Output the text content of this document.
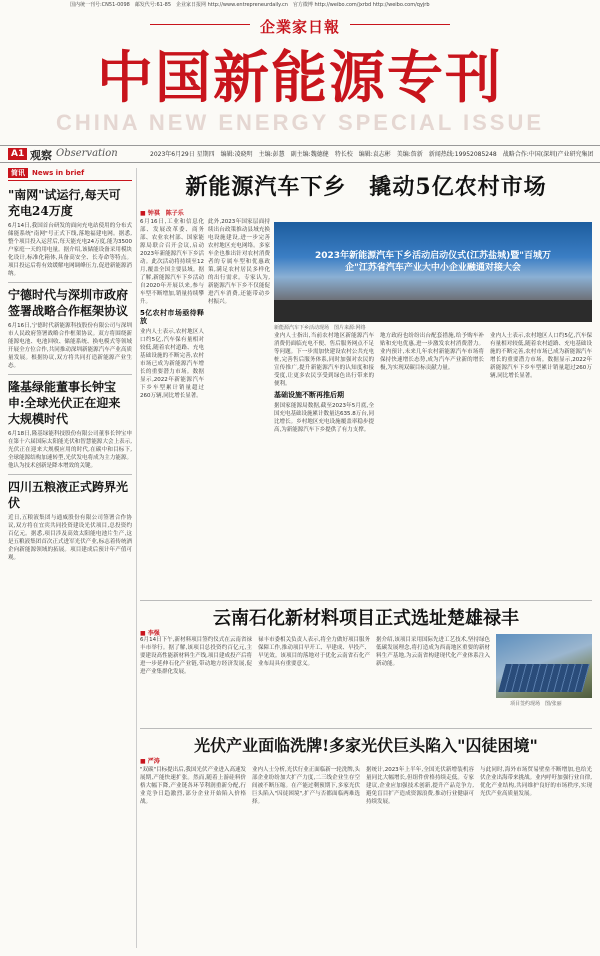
国内统一刊号:CN51-0098　邮发代号:61-85　企业家日报网 http://www.entrepreneurdaily.cn　官方微博 http://weibo.com/jxrbd http://weibo.com/qyjrb
企業家日報
中国新能源专刊
CHINA NEW ENERGY SPECIAL ISSUE
A1 观察 Observation	2023年6月29日 星期四　编辑:凌晓明　主编:彭慧　副主编:魏德健　特长校　编辑:袁志彬　美编:詹新　新闻热线:19952085248　战略合作:中国(深圳)产业研究集团
简讯	News in brief
"南网"试运行,每天可充电24万度
6月14日,我国首台研发的面向充电站使用的分布式储能系统"南网"号正式下线,落地福建电网。据悉,整个项目投入运营后,每天能充电24万度,能为3500户家庭一天的用电量。据介绍,该储能设备采用模块化设计,标准化箱体,具备高安全、长寿命等特点。项目投运后将有效缓解电网调峰压力,促进新能源消纳。
宁德时代与深圳市政府签署战略合作框架协议
6月16日,宁德时代新能源科技股份有限公司与深圳市人民政府签署战略合作框架协议。双方将围绕新能源电池、电池回收、储能系统、换电模式等领域开展全方位合作,共同推动深圳新能源汽车产业高质量发展。根据协议,双方将共同打造新能源产业生态。
隆基绿能董事长钟宝申:全球光伏正在迎来大规模时代
6月18日,隆基绿能科技股份有限公司董事长钟宝申在第十六届国际太阳能光伏和智慧能源大会上表示,光伏正在迎来大规模应用的时代,在碳中和目标下,全球能源结构加速转型,光伏发电将成为主力能源。他认为技术创新是降本增效的关键。
四川五粮液正式跨界光伏
近日,五粮液集团与通威股份有限公司签署合作协议,双方将在宜宾共同投资建设光伏项目,总投资约百亿元。据悉,项目涉及高效太阳能电池片生产,这是五粮液集团首次正式进军光伏产业,标志着传统酒企向新能源领域的拓展。项目建成后预计年产值可观。
新能源汽车下乡　撬动5亿农村市场
■ 钟祺　陈子乐
6月16日,工业和信息化部、发展改革委、商务部、农业农村部、国家能源局联合召开会议,启动2023年新能源汽车下乡活动。此次活动将持续至12月,覆盖全国主要县域。据了解,新能源汽车下乡活动自2020年开展以来,参与车型不断增加,销量持续攀升。
5亿农村市场亟待释放
业内人士表示,农村地区人口约5亿,汽车保有量相对较低,随着农村道路、充电基础设施的不断完善,农村市场已成为新能源汽车增长的重要潜力市场。数据显示,2022年新能源汽车下乡车型累计销量超过260万辆,同比增长显著。
此外,2023年国家层面持续出台政策推动县域充换电设施建设,进一步完善农村地区充电网络。多家车企也推出针对农村消费者的专属车型和优惠政策,满足农村居民多样化的出行需求。专家认为,新能源汽车下乡不仅能促进汽车消费,还能带动乡村振兴。
2023年新能源汽车下乡活动启动仪式(江苏盐城)暨"百城万企"江苏省汽车产业大中小企业融通对接大会
新能源汽车下乡活动现场　图片来源:网络
业内人士指出,当前农村地区新能源汽车消费仍面临充电不便、售后服务网点不足等问题。下一步需加快建设农村公共充电桩,完善售后服务体系,同时加强对农民的宣传推广,提升新能源汽车的认知度和接受度,让更多农民享受到绿色出行带来的便利。
基础设施不断再推后期
据国家能源局数据,截至2023年5月底,全国充电基础设施累计数量达635.8万台,同比增长。乡村地区充电设施覆盖率稳步提高,为新能源汽车下乡提供了有力支撑。
地方政府也纷纷出台配套措施,给予购车补贴和充电优惠,进一步激发农村消费潜力。业内预计,未来几年农村新能源汽车市场将保持快速增长态势,成为汽车产业新的增长极,为实现双碳目标贡献力量。
业内人士表示,农村地区人口约5亿,汽车保有量相对较低,随着农村道路、充电基础设施的不断完善,农村市场已成为新能源汽车增长的重要潜力市场。数据显示,2022年新能源汽车下乡车型累计销量超过260万辆,同比增长显著。
云南石化新材料项目正式选址楚雄禄丰
■ 李强
6月14日下午,新材料项目签约仪式在云南省禄丰市举行。据了解,该项目总投资约百亿元,主要建设高性能新材料生产线,项目建成投产后将进一步延伸石化产业链,带动地方经济发展,促进产业集群化发展。
禄丰市委相关负责人表示,将全力做好项目服务保障工作,推动项目早开工、早建成、早投产、早见效。该项目的落地对于优化云南省石化产业布局具有重要意义。
据介绍,该项目采用国际先进工艺技术,坚持绿色低碳发展理念,将打造成为西南地区重要的新材料生产基地,为云南省构建现代化产业体系注入新动能。
项目签约现场　图/张丽
光伏产业面临洗牌!多家光伏巨头陷入"囚徒困境"
■ 严涛
"双碳"目标提出后,我国光伏产业进入高速发展期,产能快速扩张。然而,随着上游硅料价格大幅下降,产业链各环节利润重新分配,行业竞争日趋激烈,部分企业开始陷入价格战。
业内人士分析,光伏行业正面临新一轮洗牌,头部企业纷纷加大扩产力度,二三线企业生存空间被不断压缩。在产能过剩预期下,多家光伏巨头陷入"囚徒困境",扩产与否都面临两难选择。
据统计,2023年上半年,全国光伏新增装机容量同比大幅增长,但组件价格持续走低。专家建议,企业应加强技术创新,提升产品竞争力,避免盲目扩产造成资源浪费,推动行业健康可持续发展。
与此同时,海外市场贸易壁垒不断增加,也给光伏企业出海带来挑战。业内呼吁加强行业自律,优化产业结构,共同维护良好的市场秩序,实现光伏产业高质量发展。
